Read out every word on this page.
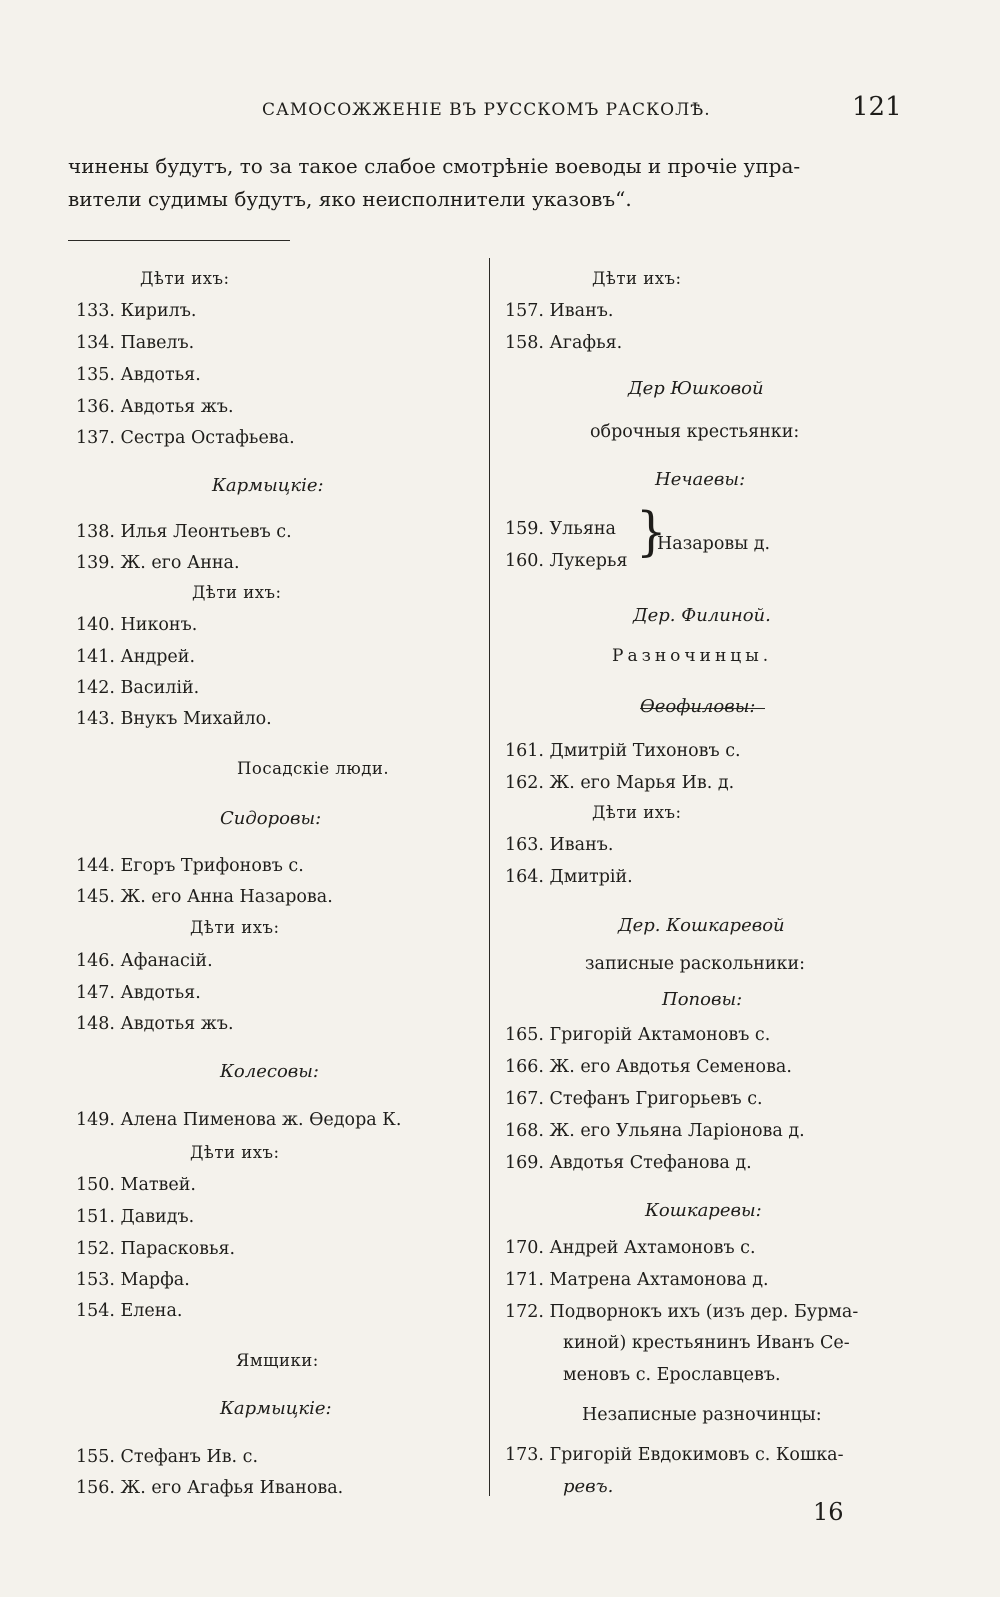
САМОСОЖЖЕНІЕ ВЪ РУССКОМЪ РАСКОЛѢ.	121

чинены будутъ, то за такое слабое смотрѣніе воеводы и прочіе упра-

вители судимы будутъ, яко неисполнители указовъ“.

Дѣти ихъ:
133. Кирилъ.
134. Павелъ.
135. Авдотья.
136. Авдотья жъ.
137. Сестра Остафьева.
Кармыцкіе:
138. Илья Леонтьевъ с.
139. Ж. его Анна.
Дѣти ихъ:
140. Никонъ.
141. Андрей.
142. Василій.
143. Внукъ Михайло.
Посадскіе люди.
Сидоровы:
144. Егоръ Трифоновъ с.
145. Ж. его Анна Назарова.
Дѣти ихъ:
146. Афанасій.
147. Авдотья.
148. Авдотья жъ.
Колесовы:
149. Алена Пименова ж. Ѳедора К.
Дѣти ихъ:
150. Матвей.
151. Давидъ.
152. Парасковья.
153. Марфа.
154. Елена.
Ямщики:
Кармыцкіе:
155. Стефанъ Ив. с.
156. Ж. его Агафья Иванова.
Дѣти ихъ:
157. Иванъ.
158. Агафья.
Дер Юшковой
оброчныя крестьянки:
Нечаевы:
159. Ульяна
160. Лукерья
Назаровы д.
Дер. Филиной.
Разночинцы.
Ѳеофиловы:
161. Дмитрій Тихоновъ с.
162. Ж. его Марья Ив. д.
Дѣти ихъ:
163. Иванъ.
164. Дмитрій.
Дер. Кошкаревой
записные раскольники:
Поповы:
165. Григорій Актамоновъ с.
166. Ж. его Авдотья Семенова.
167. Стефанъ Григорьевъ с.
168. Ж. его Ульяна Ларіонова д.
169. Авдотья Стефанова д.
Кошкаревы:
170. Андрей Ахтамоновъ с.
171. Матрена Ахтамонова д.
172. Подворнокъ ихъ (изъ дер. Бурма-
киной) крестьянинъ Иванъ Се-
меновъ с. Ерославцевъ.
Незаписные разночинцы:
173. Григорій Евдокимовъ с. Кошка-
ревъ.
}
16
